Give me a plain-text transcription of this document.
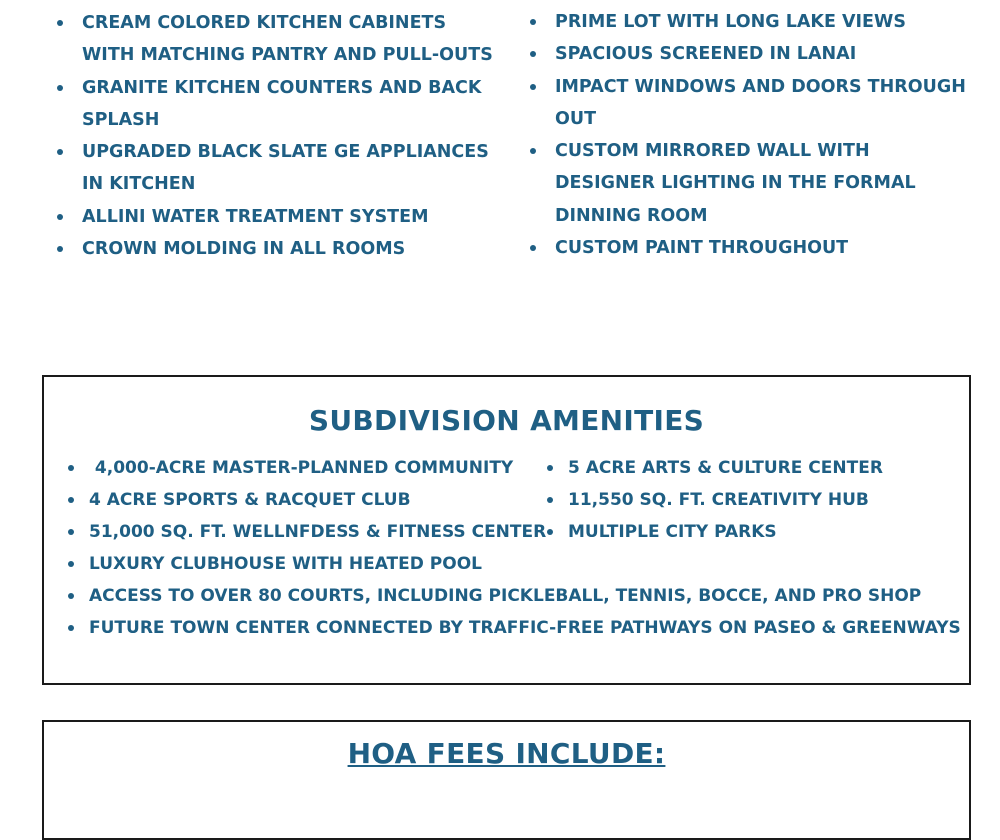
CREAM COLORED KITCHEN CABINETS WITH MATCHING PANTRY AND PULL-OUTS
GRANITE KITCHEN COUNTERS AND BACK SPLASH
UPGRADED BLACK SLATE GE APPLIANCES IN KITCHEN
ALLINI WATER TREATMENT SYSTEM
CROWN MOLDING IN ALL ROOMS
PRIME LOT WITH LONG LAKE VIEWS
SPACIOUS SCREENED IN LANAI
IMPACT WINDOWS AND DOORS THROUGH OUT
CUSTOM MIRRORED WALL WITH DESIGNER LIGHTING IN THE FORMAL DINNING ROOM
CUSTOM PAINT THROUGHOUT
SUBDIVISION AMENITIES
4,000-ACRE MASTER-PLANNED COMMUNITY
4 ACRE SPORTS & RACQUET CLUB
51,000 SQ. FT. WELLNFDESS & FITNESS CENTER
LUXURY CLUBHOUSE WITH HEATED POOL
5 ACRE ARTS & CULTURE CENTER
11,550 SQ. FT. CREATIVITY HUB
MULTIPLE CITY PARKS
ACCESS TO OVER 80 COURTS, INCLUDING PICKLEBALL, TENNIS, BOCCE, AND PRO SHOP
FUTURE TOWN CENTER CONNECTED BY TRAFFIC-FREE PATHWAYS ON PASEO & GREENWAYS
HOA FEES INCLUDE:
